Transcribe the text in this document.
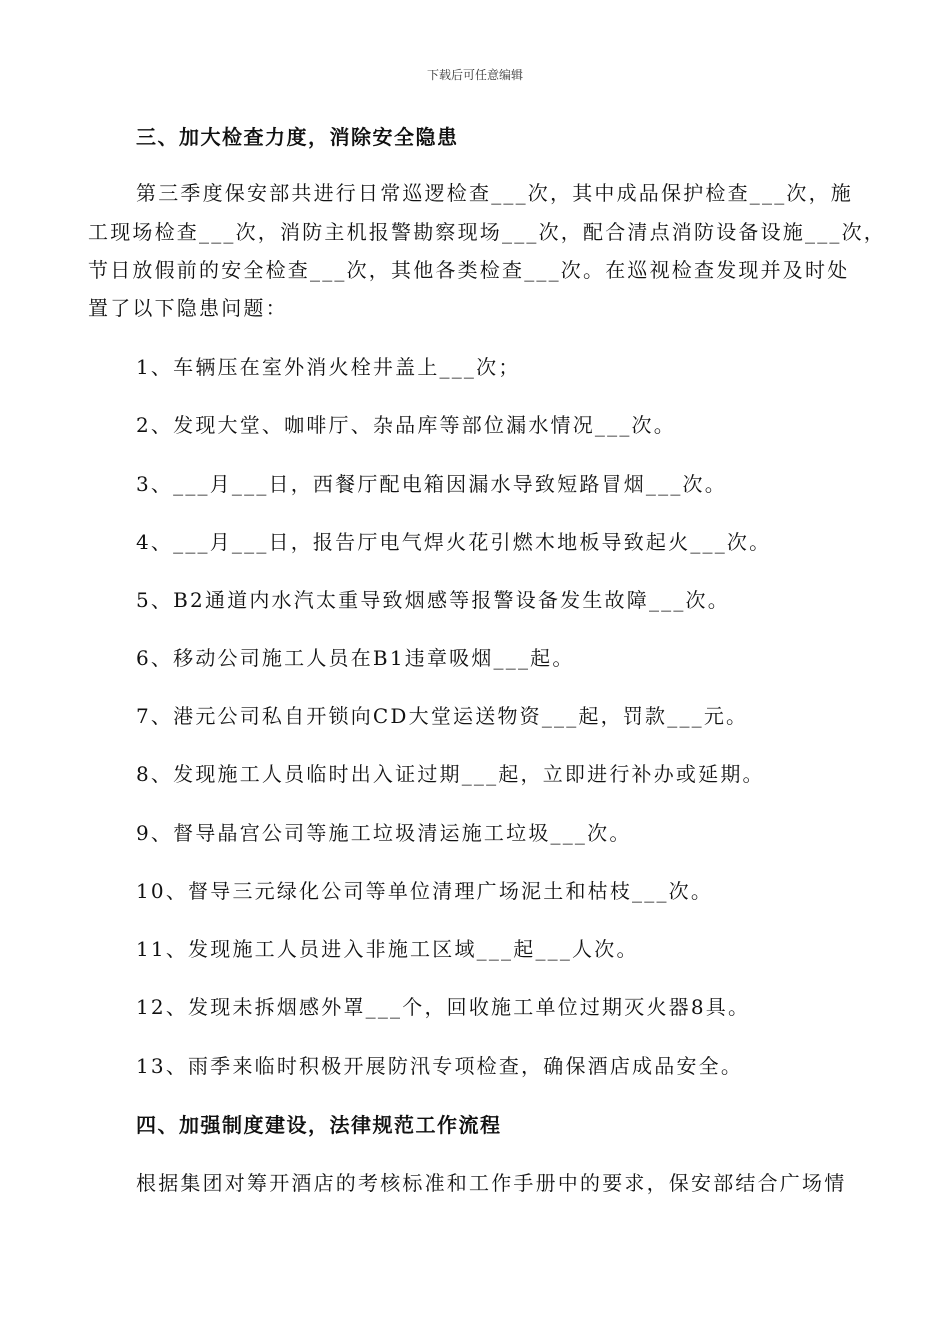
下载后可任意编辑
三、加大检查力度，消除安全隐患
第三季度保安部共进行日常巡逻检查___次，其中成品保护检查___次，施
工现场检查___次，消防主机报警勘察现场___次，配合清点消防设备设施___次，
节日放假前的安全检查___次，其他各类检查___次。在巡视检查发现并及时处
置了以下隐患问题：
1、车辆压在室外消火栓井盖上___次；
2、发现大堂、咖啡厅、杂品库等部位漏水情况___次。
3、___月___日，西餐厅配电箱因漏水导致短路冒烟___次。
4、___月___日，报告厅电气焊火花引燃木地板导致起火___次。
5、B2通道内水汽太重导致烟感等报警设备发生故障___次。
6、移动公司施工人员在B1违章吸烟___起。
7、港元公司私自开锁向CD大堂运送物资___起，罚款___元。
8、发现施工人员临时出入证过期___起，立即进行补办或延期。
9、督导晶宫公司等施工垃圾清运施工垃圾___次。
10、督导三元绿化公司等单位清理广场泥土和枯枝___次。
11、发现施工人员进入非施工区域___起___人次。
12、发现未拆烟感外罩___个，回收施工单位过期灭火器8具。
13、雨季来临时积极开展防汛专项检查，确保酒店成品安全。
四、加强制度建设，法律规范工作流程
根据集团对筹开酒店的考核标准和工作手册中的要求，保安部结合广场情
